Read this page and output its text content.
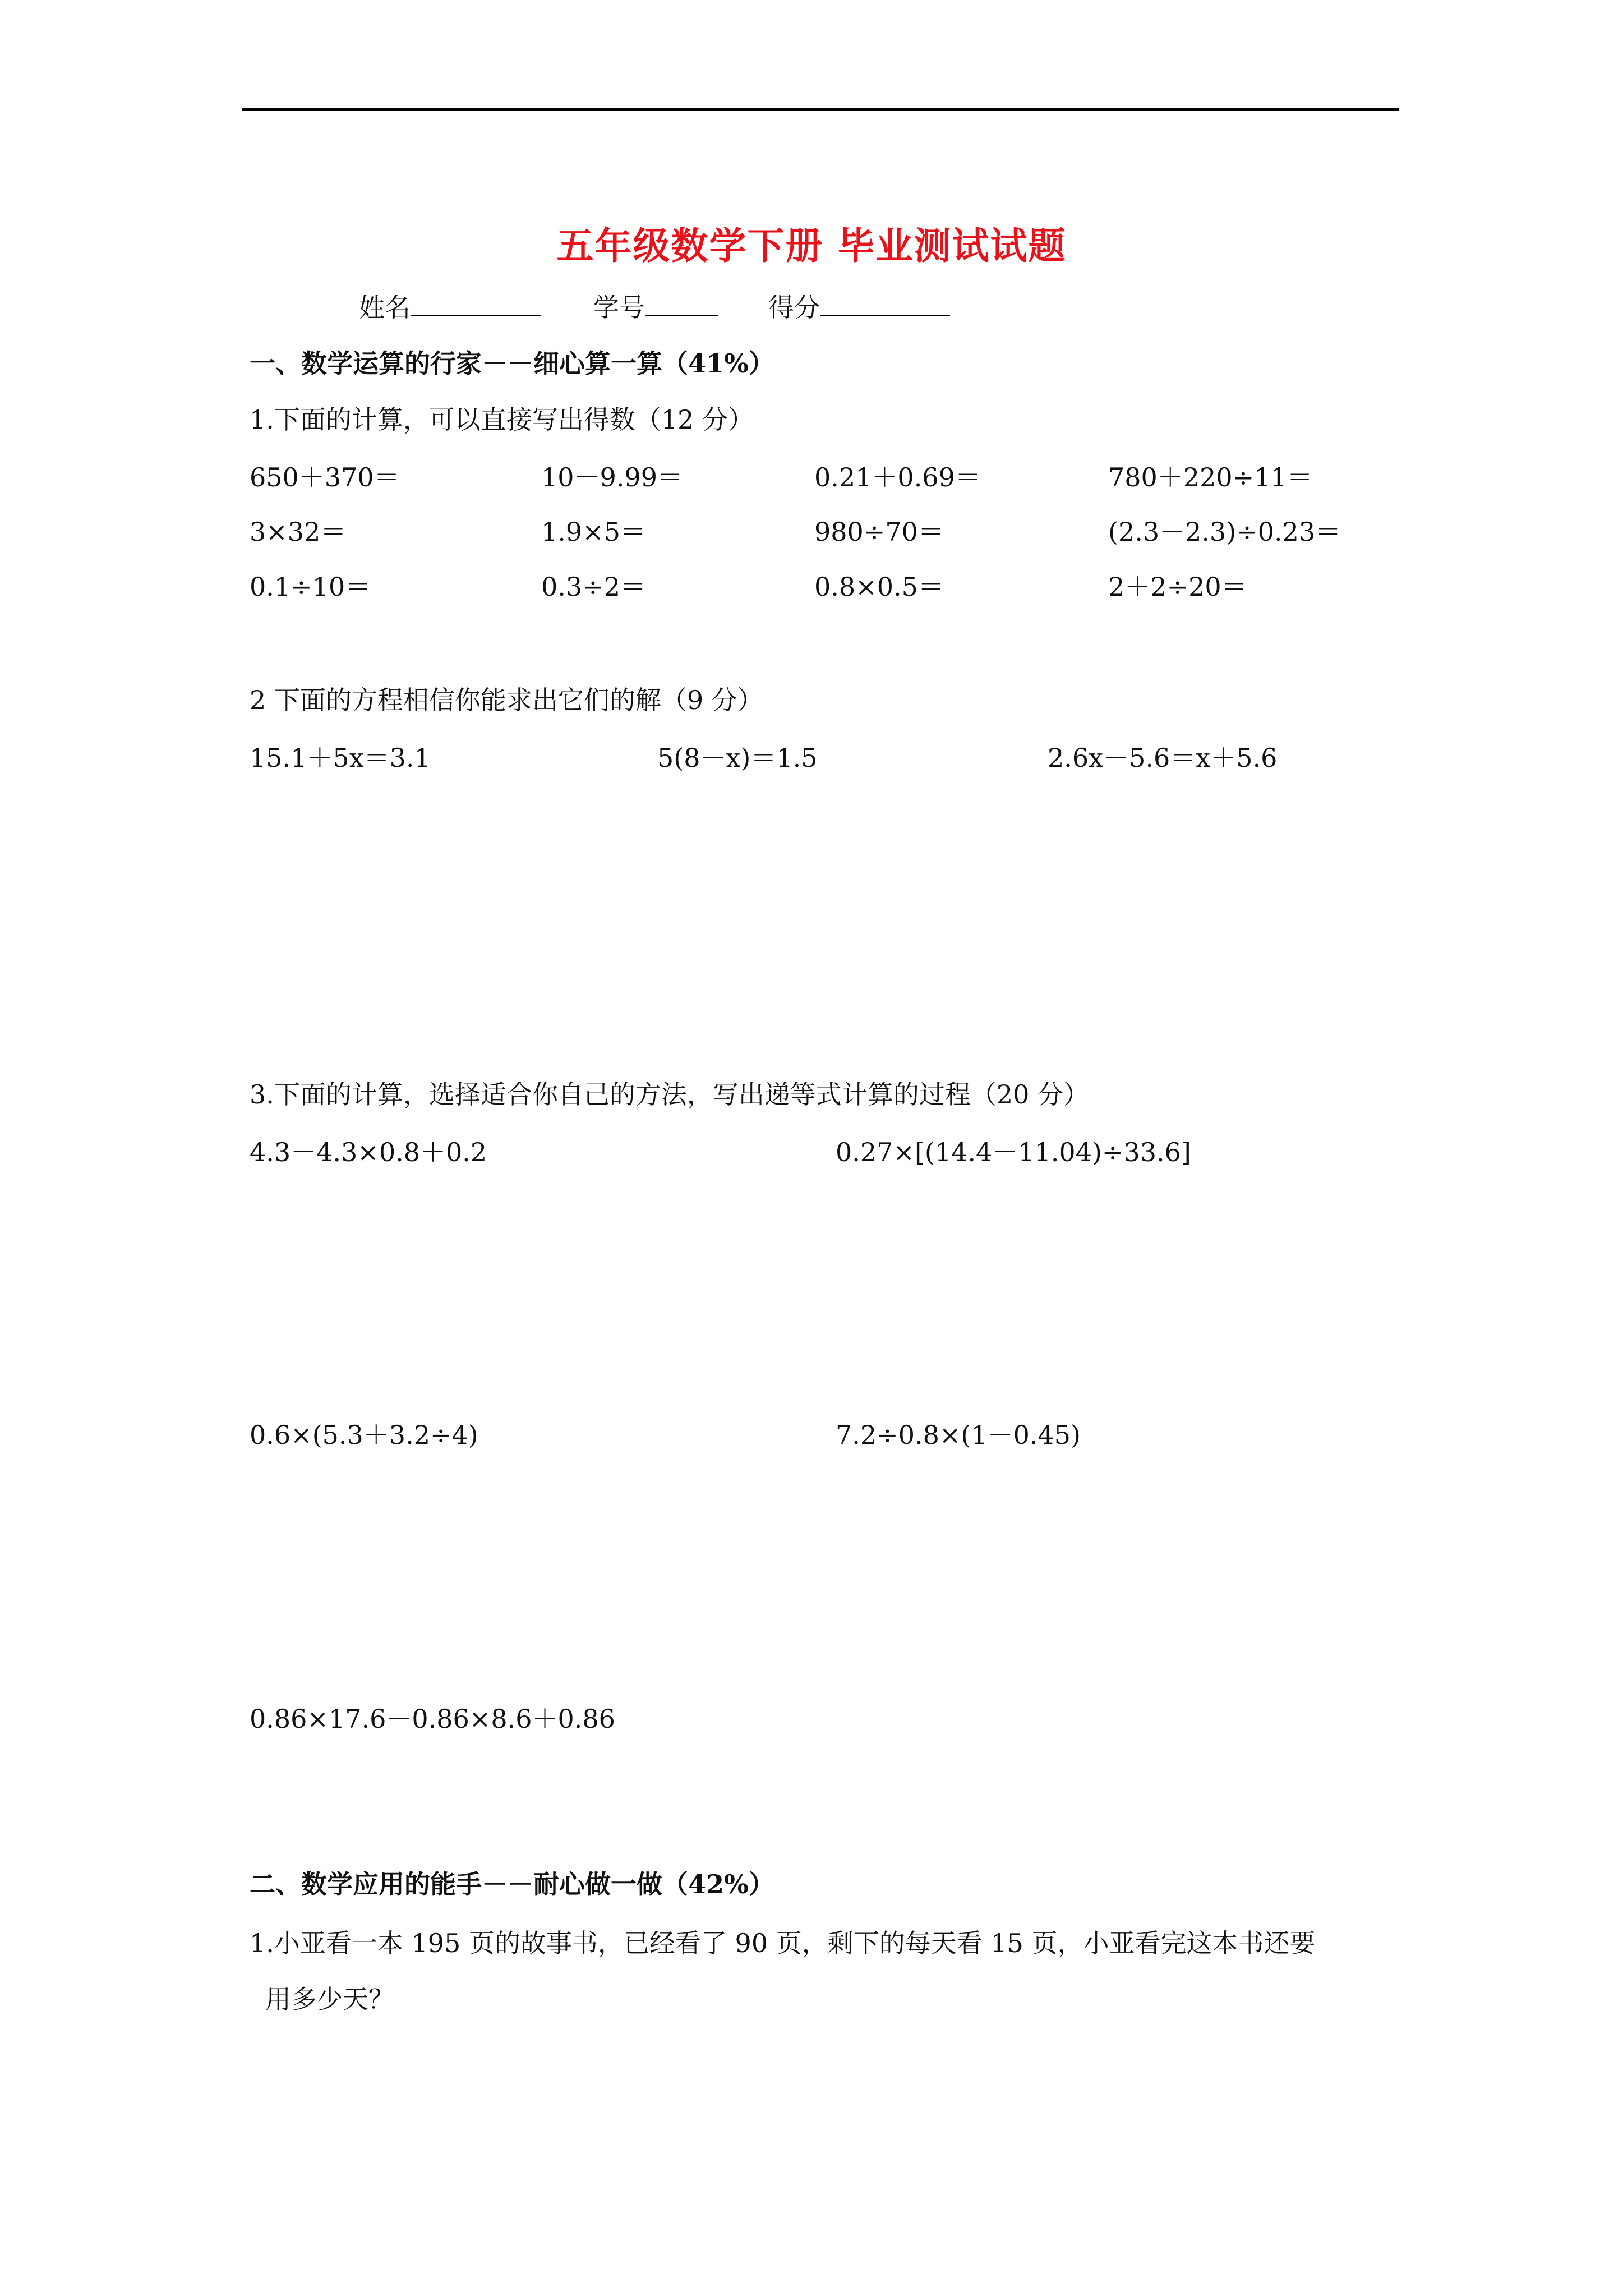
五年级数学下册 毕业测试试题
姓名	学号	得分
一、数学运算的行家－－细心算一算（41%）
1.下面的计算，可以直接写出得数（12 分）
650＋370＝	10－9.99＝	0.21＋0.69＝	780＋220÷11＝
3×32＝	1.9×5＝	980÷70＝	(2.3－2.3)÷0.23＝
0.1÷10＝	0.3÷2＝	0.8×0.5＝	2＋2÷20＝
2 下面的方程相信你能求出它们的解（9 分）
15.1＋5x＝3.1	5(8－x)＝1.5	2.6x－5.6＝x＋5.6
3.下面的计算，选择适合你自己的方法，写出递等式计算的过程（20 分）
4.3－4.3×0.8＋0.2	0.27×[(14.4－11.04)÷33.6]
0.6×(5.3＋3.2÷4)	7.2÷0.8×(1－0.45)
0.86×17.6－0.86×8.6＋0.86
二、数学应用的能手－－耐心做一做（42%）
1.小亚看一本 195 页的故事书，已经看了 90 页，剩下的每天看 15 页，小亚看完这本书还要
用多少天？
